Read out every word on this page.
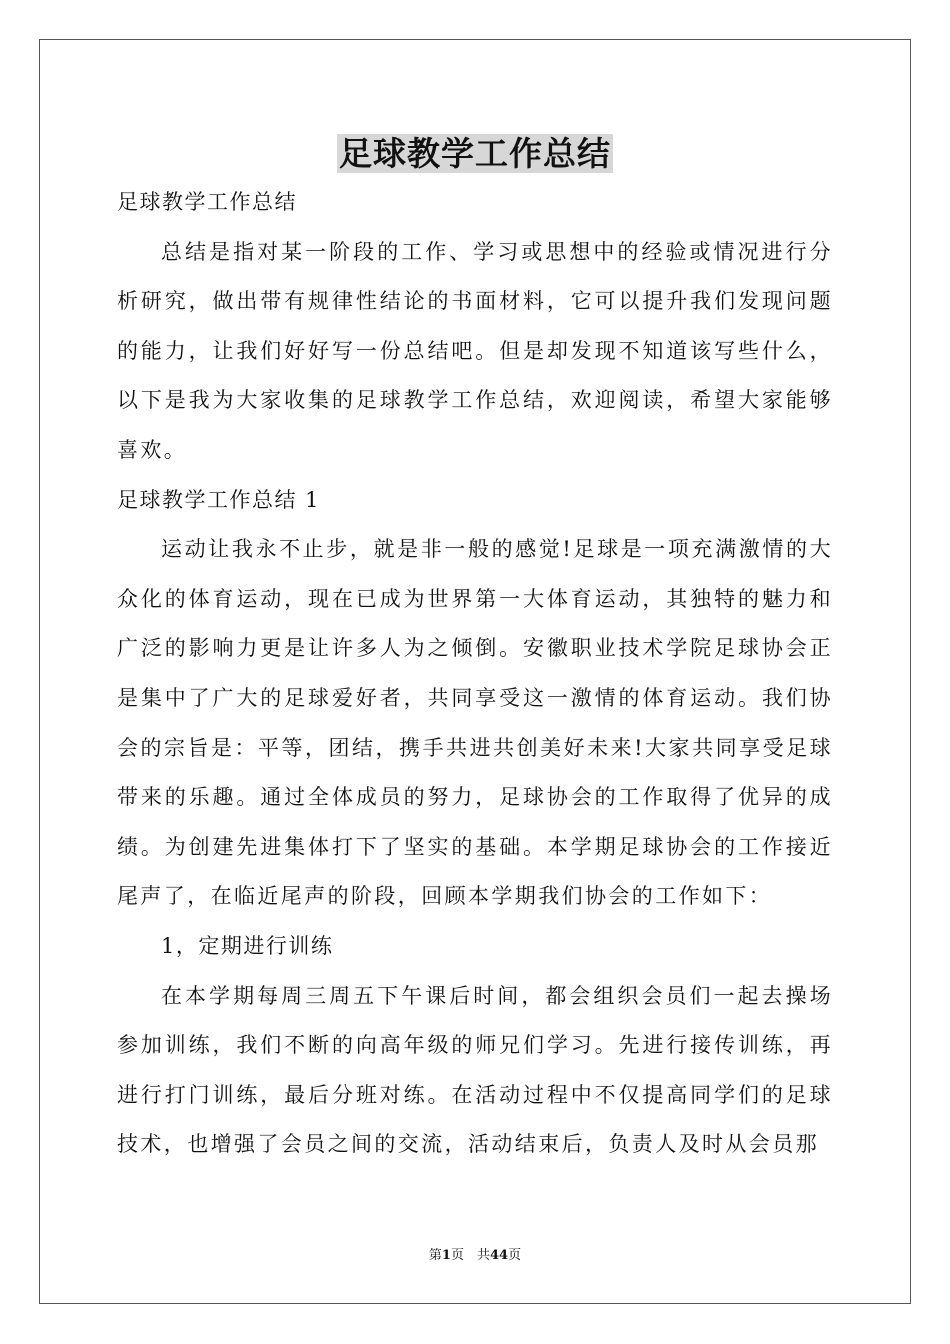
足球教学工作总结

足球教学工作总结

总结是指对某一阶段的工作、学习或思想中的经验或情况进行分析研究，做出带有规律性结论的书面材料，它可以提升我们发现问题的能力，让我们好好写一份总结吧。但是却发现不知道该写些什么，以下是我为大家收集的足球教学工作总结，欢迎阅读，希望大家能够喜欢。

足球教学工作总结 1

运动让我永不止步，就是非一般的感觉!足球是一项充满激情的大众化的体育运动，现在已成为世界第一大体育运动，其独特的魅力和广泛的影响力更是让许多人为之倾倒。安徽职业技术学院足球协会正是集中了广大的足球爱好者，共同享受这一激情的体育运动。我们协会的宗旨是：平等，团结，携手共进共创美好未来!大家共同享受足球带来的乐趣。通过全体成员的努力，足球协会的工作取得了优异的成绩。为创建先进集体打下了坚实的基础。本学期足球协会的工作接近尾声了，在临近尾声的阶段，回顾本学期我们协会的工作如下：

1，定期进行训练

在本学期每周三周五下午课后时间，都会组织会员们一起去操场参加训练，我们不断的向高年级的师兄们学习。先进行接传训练，再进行打门训练，最后分班对练。在活动过程中不仅提高同学们的足球技术，也增强了会员之间的交流，活动结束后，负责人及时从会员那

第1页　共44页
